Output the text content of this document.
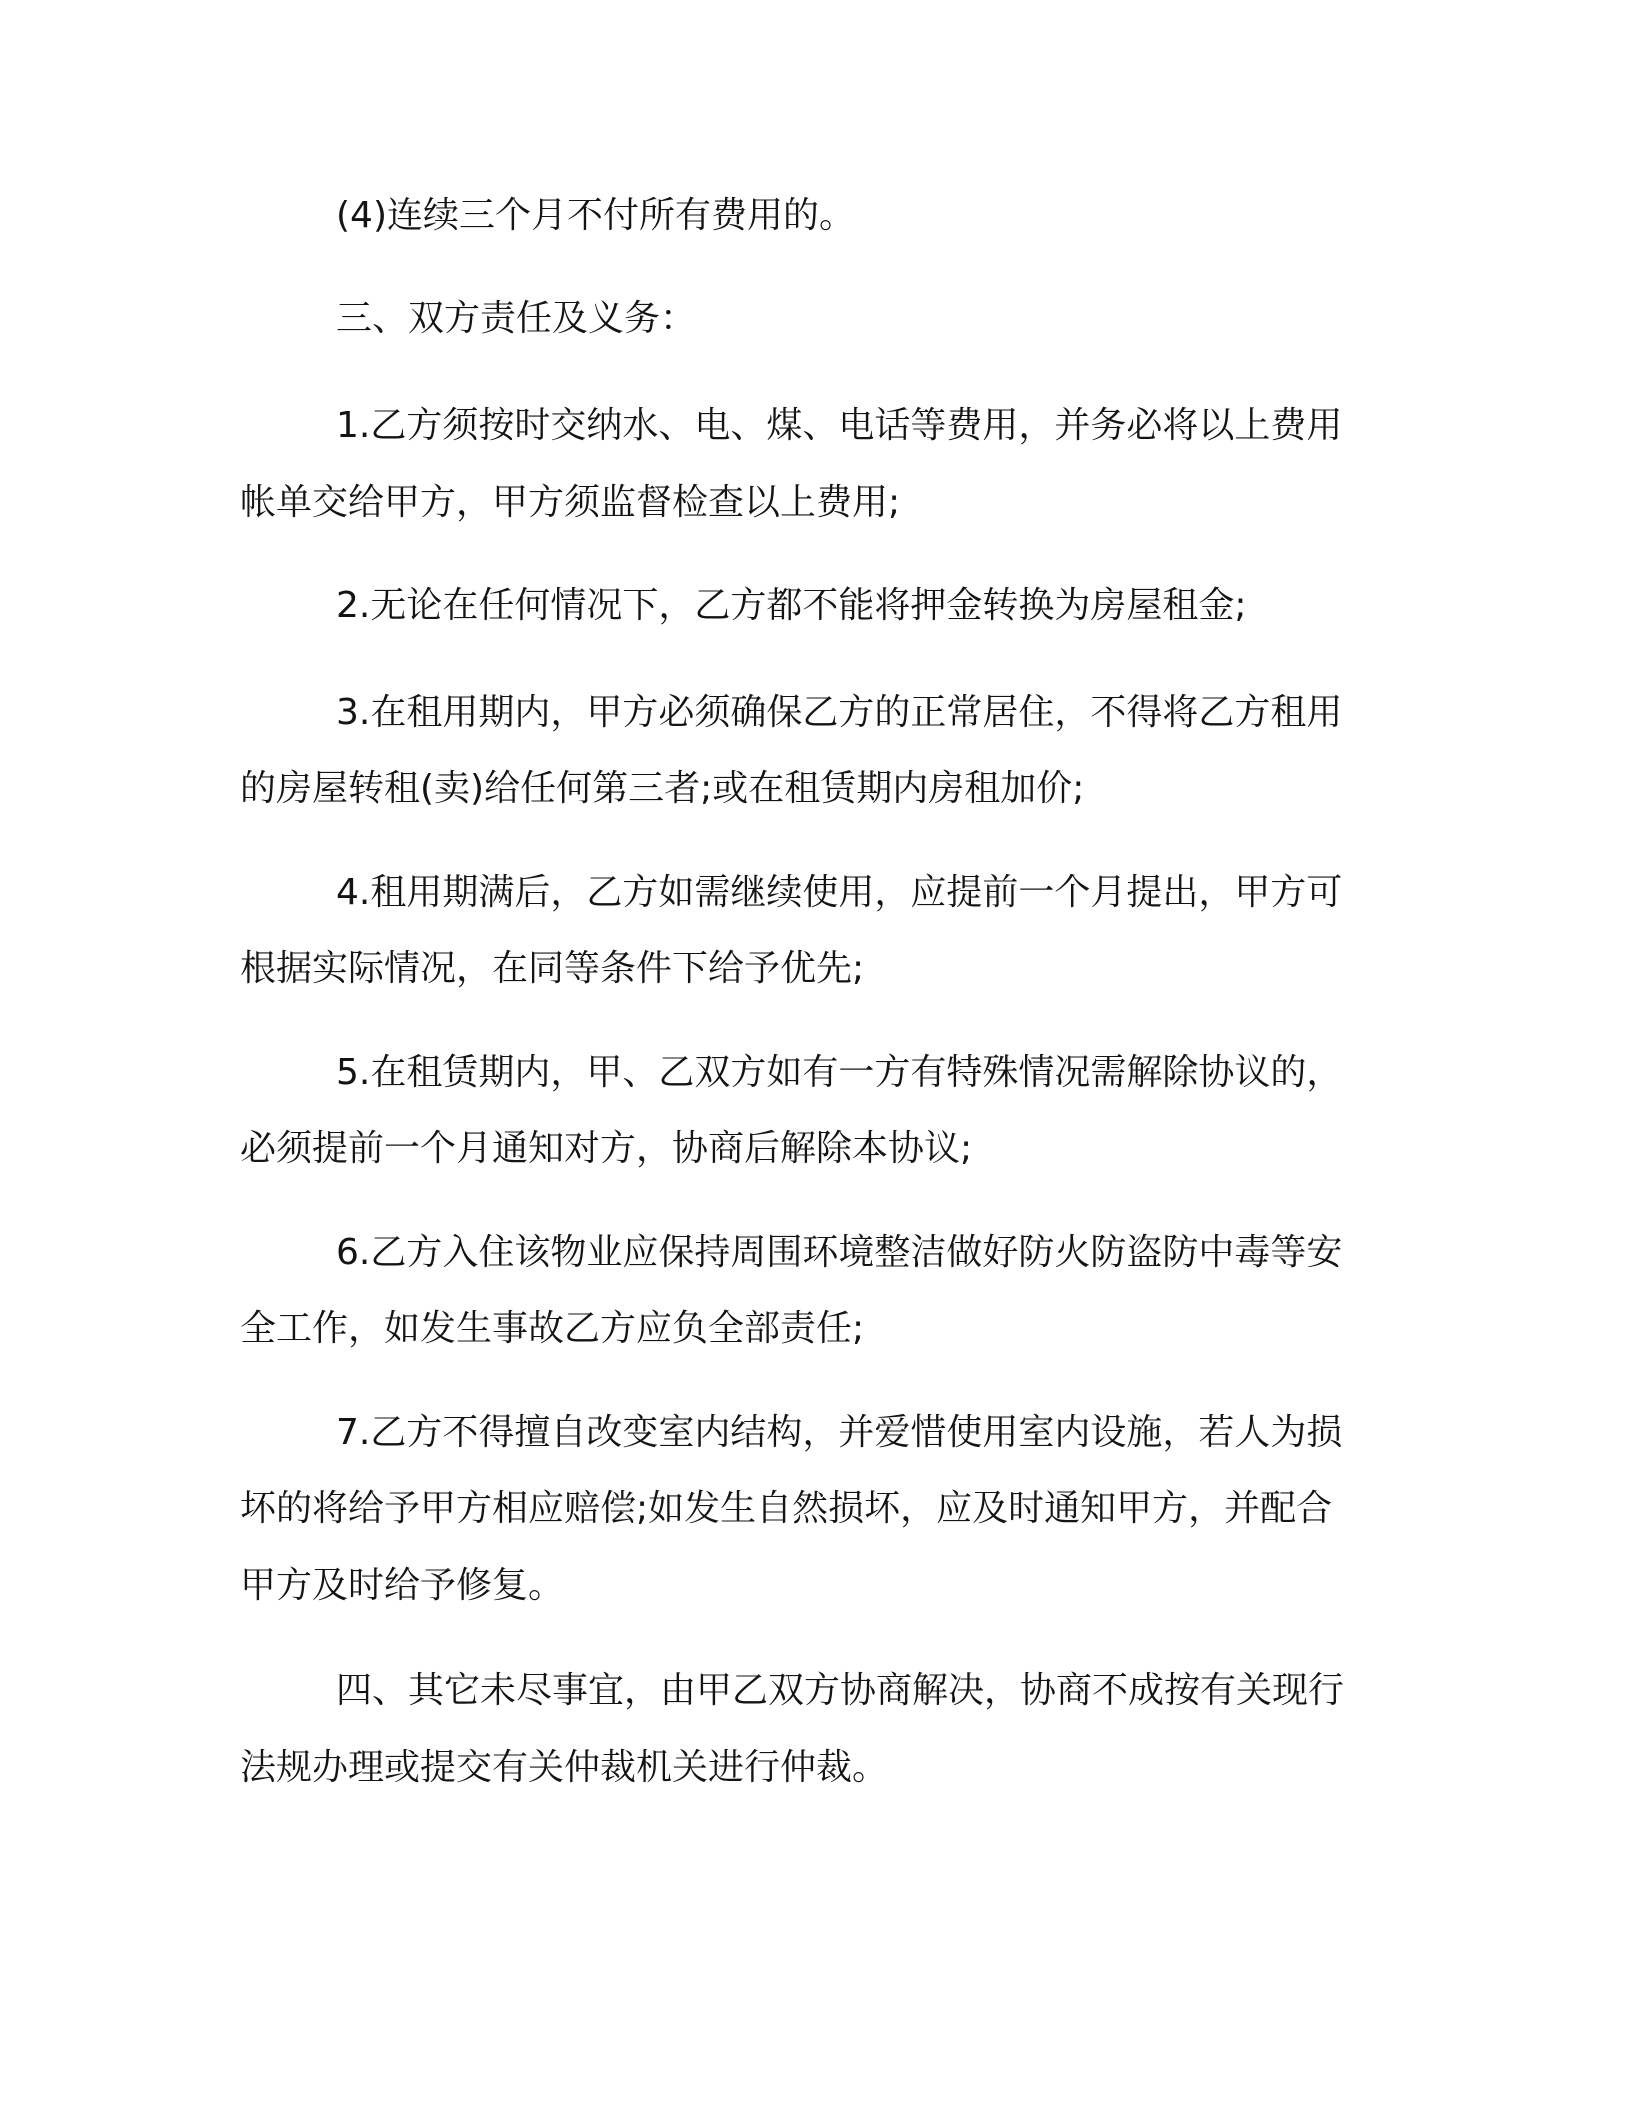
(4)连续三个月不付所有费用的。
三、双方责任及义务：
1.乙方须按时交纳水、电、煤、电话等费用，并务必将以上费用
帐单交给甲方，甲方须监督检查以上费用;
2.无论在任何情况下，乙方都不能将押金转换为房屋租金;
3.在租用期内，甲方必须确保乙方的正常居住，不得将乙方租用
的房屋转租(卖)给任何第三者;或在租赁期内房租加价;
4.租用期满后，乙方如需继续使用，应提前一个月提出，甲方可
根据实际情况，在同等条件下给予优先;
5.在租赁期内，甲、乙双方如有一方有特殊情况需解除协议的，
必须提前一个月通知对方，协商后解除本协议;
6.乙方入住该物业应保持周围环境整洁做好防火防盗防中毒等安
全工作，如发生事故乙方应负全部责任;
7.乙方不得擅自改变室内结构，并爱惜使用室内设施，若人为损
坏的将给予甲方相应赔偿;如发生自然损坏，应及时通知甲方，并配合
甲方及时给予修复。
四、其它未尽事宜，由甲乙双方协商解决，协商不成按有关现行
法规办理或提交有关仲裁机关进行仲裁。
